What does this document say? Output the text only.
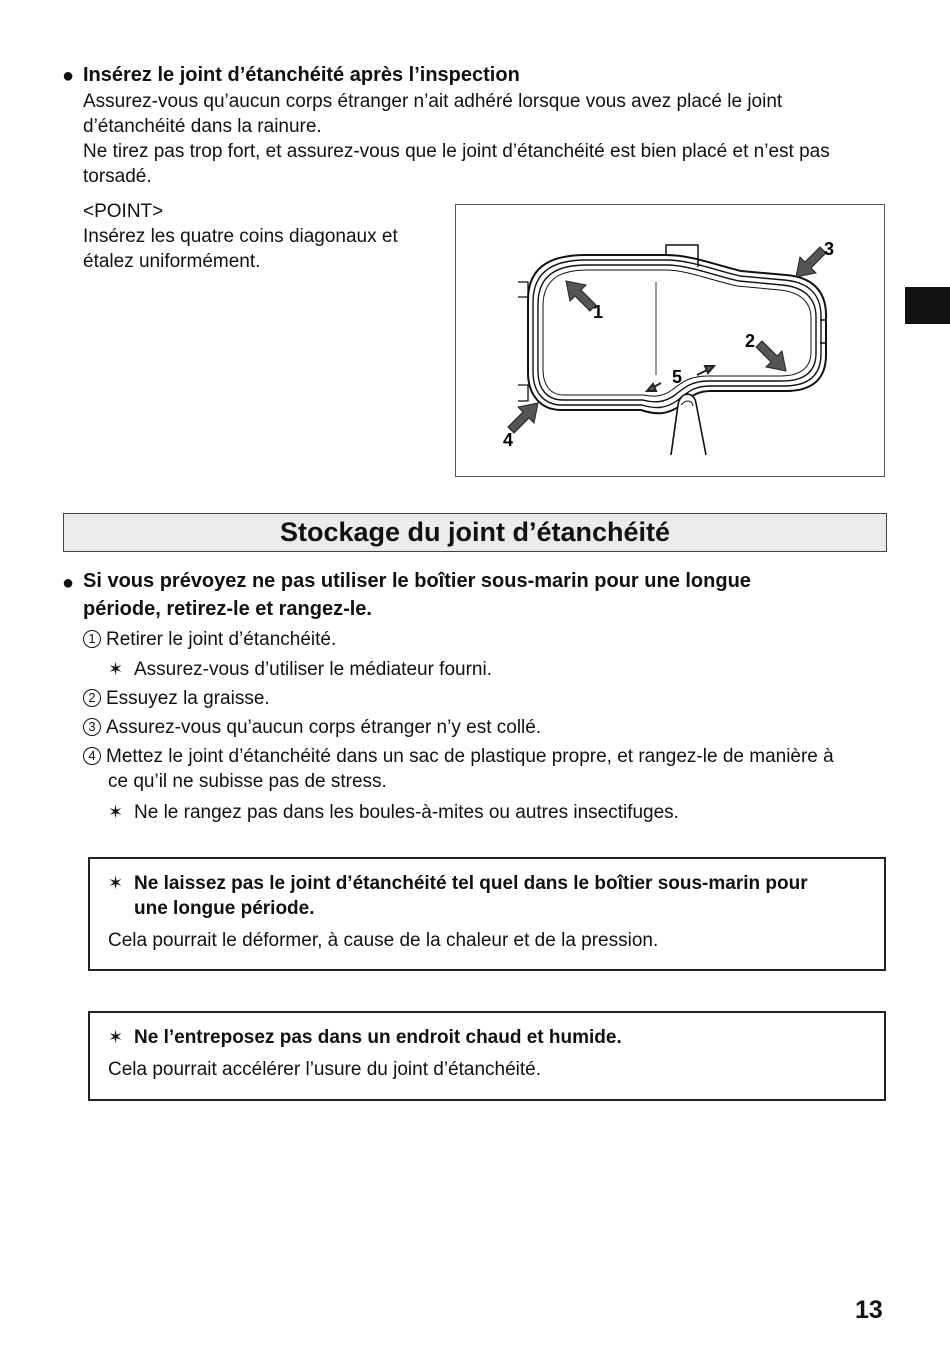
● Insérez le joint d’étanchéité après l’inspection
Assurez-vous qu’aucun corps étranger n’ait adhéré lorsque vous avez placé le joint
d’étanchéité dans la rainure.
Ne tirez pas trop fort, et assurez-vous que le joint d’étanchéité est bien placé et n’est pas
torsadé.
<POINT>
Insérez les quatre coins diagonaux et
étalez uniformément.
1
2
3
4
5
Stockage du joint d’étanchéité
● Si vous prévoyez ne pas utiliser le boîtier sous-marin pour une longue
période, retirez-le et rangez-le.
1 Retirer le joint d’étanchéité.
✶ Assurez-vous d’utiliser le médiateur fourni.
2 Essuyez la graisse.
3 Assurez-vous qu’aucun corps étranger n’y est collé.
4 Mettez le joint d’étanchéité dans un sac de plastique propre, et rangez-le de manière à
ce qu’il ne subisse pas de stress.
✶ Ne le rangez pas dans les boules-à-mites ou autres insectifuges.
✶ Ne laissez pas le joint d’étanchéité tel quel dans le boîtier sous-marin pour
une longue période.
Cela pourrait le déformer, à cause de la chaleur et de la pression.
✶ Ne l’entreposez pas dans un endroit chaud et humide.
Cela pourrait accélérer l’usure du joint d’étanchéité.
13
